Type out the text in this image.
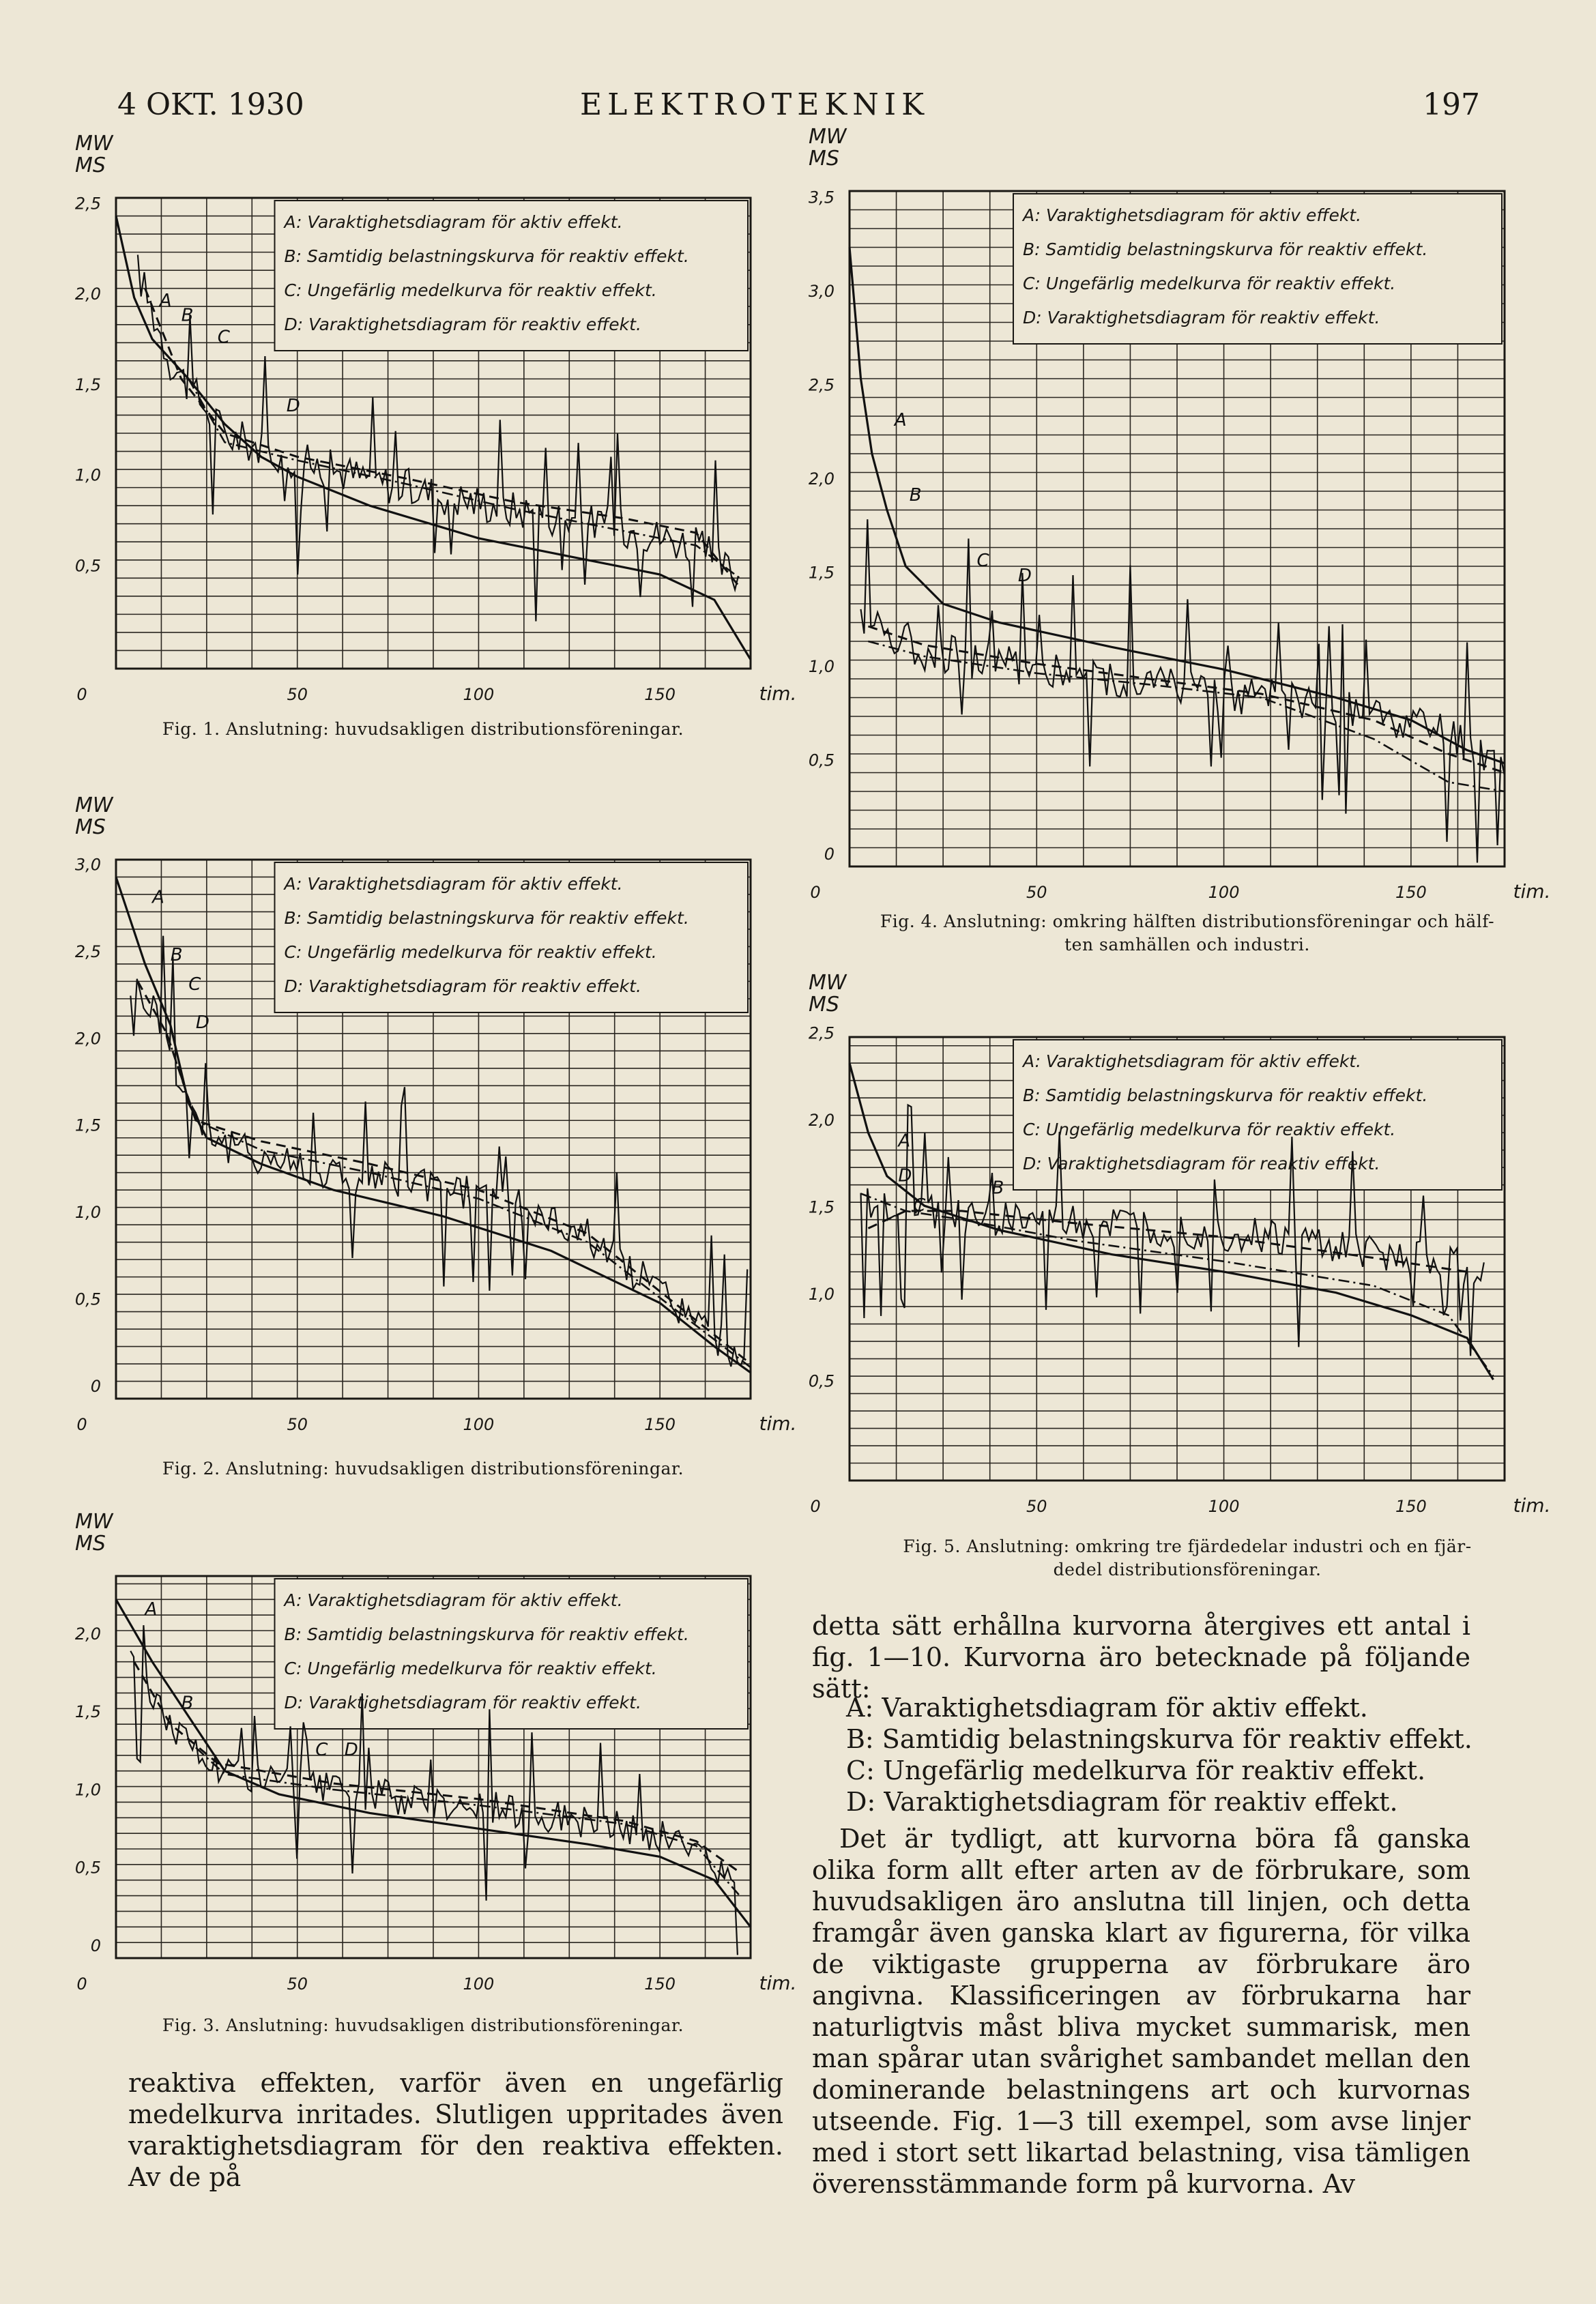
4 OKT. 1930	ELEKTROTEKNIK	197
MW
MS
0,5
1,0
1,5
2,0
2,5
0	50	100	150	tim.
A: Varaktighetsdiagram för aktiv effekt.
B: Samtidig belastningskurva för reaktiv effekt.
C: Ungefärlig medelkurva för reaktiv effekt.
D: Varaktighetsdiagram för reaktiv effekt.
A
B
C
D
Fig. 1. Anslutning: huvudsakligen distributionsföreningar.
MW
MS
0
0,5
1,0
1,5
2,0
2,5
3,0
3,5
0	50	100	150	tim.
A: Varaktighetsdiagram för aktiv effekt.
B: Samtidig belastningskurva för reaktiv effekt.
C: Ungefärlig medelkurva för reaktiv effekt.
D: Varaktighetsdiagram för reaktiv effekt.
A
B
C
D
Fig. 4. Anslutning: omkring hälften distributionsföreningar och hälf-
ten samhällen och industri.
MW
MS
0
0,5
1,0
1,5
2,0
2,5
3,0
0	50	100	150	tim.
A: Varaktighetsdiagram för aktiv effekt.
B: Samtidig belastningskurva för reaktiv effekt.
C: Ungefärlig medelkurva för reaktiv effekt.
D: Varaktighetsdiagram för reaktiv effekt.
A
B
C
D
Fig. 2. Anslutning: huvudsakligen distributionsföreningar.
MW
MS
0,5
1,0
1,5
2,0
2,5
0	50	100	150	tim.
A: Varaktighetsdiagram för aktiv effekt.
B: Samtidig belastningskurva för reaktiv effekt.
C: Ungefärlig medelkurva för reaktiv effekt.
D: Varaktighetsdiagram för reaktiv effekt.
A
B
C
D
Fig. 5. Anslutning: omkring tre fjärdedelar industri och en fjär-
dedel distributionsföreningar.
MW
MS
0
0,5
1,0
1,5
2,0
0	50	100	150	tim.
A: Varaktighetsdiagram för aktiv effekt.
B: Samtidig belastningskurva för reaktiv effekt.
C: Ungefärlig medelkurva för reaktiv effekt.
D: Varaktighetsdiagram för reaktiv effekt.
A
B
C D
Fig. 3. Anslutning: huvudsakligen distributionsföreningar.

reaktiva effekten, varför även en ungefärlig medelkurva inritades. Slutligen uppritades även varaktighetsdiagram för den reaktiva effekten. Av de på

detta sätt erhållna kurvorna återgives ett antal i fig. 1—10. Kurvorna äro betecknade på följande sätt:

A: Varaktighetsdiagram för aktiv effekt.
B: Samtidig belastningskurva för reaktiv effekt.
C: Ungefärlig medelkurva för reaktiv effekt.
D: Varaktighetsdiagram för reaktiv effekt.

Det är tydligt, att kurvorna böra få ganska olika form allt efter arten av de förbrukare, som huvudsakligen äro anslutna till linjen, och detta framgår även ganska klart av figurerna, för vilka de viktigaste grupperna av förbrukare äro angivna. Klassificeringen av förbrukarna har naturligtvis måst bliva mycket summarisk, men man spårar utan svårighet sambandet mellan den dominerande belastningens art och kurvornas utseende. Fig. 1—3 till exempel, som avse linjer med i stort sett likartad belastning, visa tämligen överensstämmande form på kurvorna. Av
